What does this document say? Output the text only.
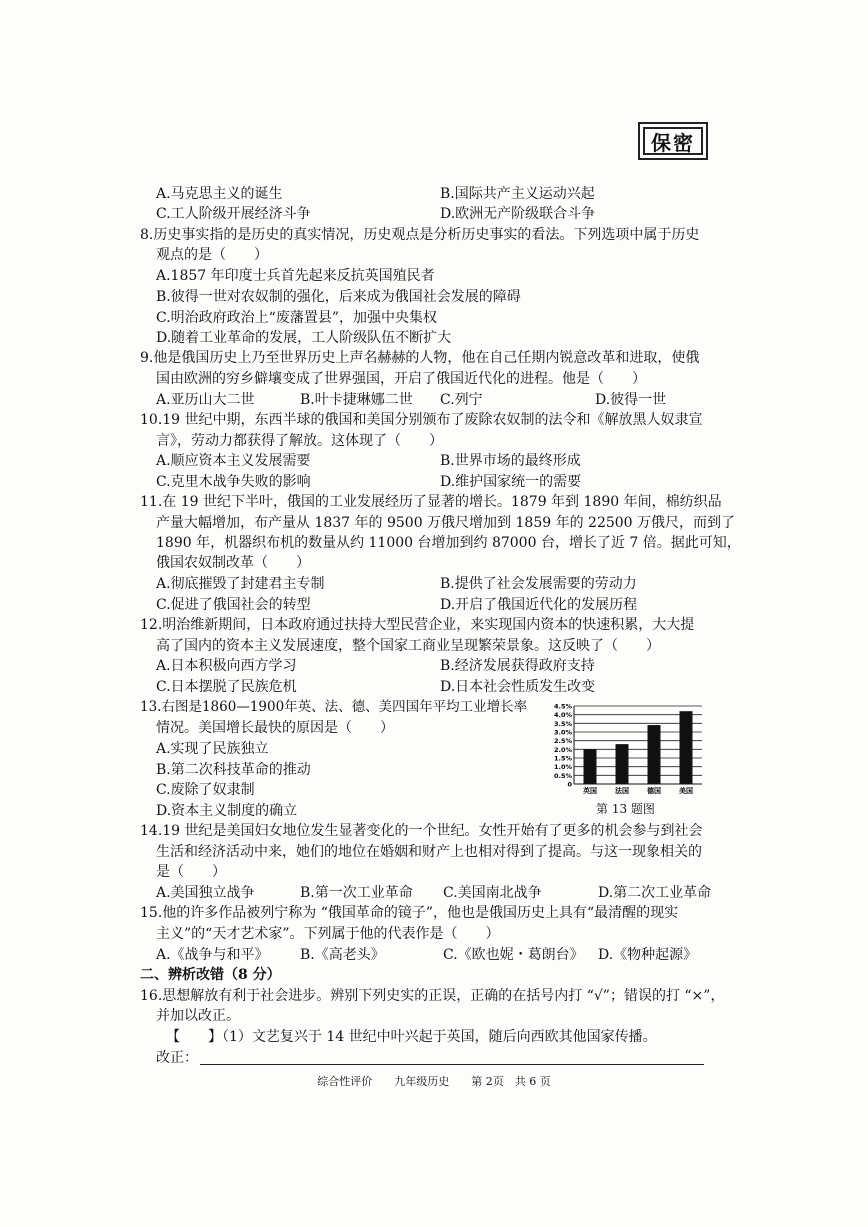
保密
A.马克思主义的诞生	B.国际共产主义运动兴起
C.工人阶级开展经济斗争	D.欧洲无产阶级联合斗争
8.历史事实指的是历史的真实情况，历史观点是分析历史事实的看法。下列选项中属于历史
观点的是（　　）
A.1857 年印度士兵首先起来反抗英国殖民者
B.彼得一世对农奴制的强化，后来成为俄国社会发展的障碍
C.明治政府政治上“废藩置县”，加强中央集权
D.随着工业革命的发展，工人阶级队伍不断扩大
9.他是俄国历史上乃至世界历史上声名赫赫的人物，他在自己任期内锐意改革和进取，使俄
国由欧洲的穷乡僻壤变成了世界强国，开启了俄国近代化的进程。他是（　　）
A.亚历山大二世	B.叶卡捷琳娜二世 C.列宁	D.彼得一世
10.19 世纪中期，东西半球的俄国和美国分别颁布了废除农奴制的法令和《解放黑人奴隶宣
言》，劳动力都获得了解放。这体现了（　　）
A.顺应资本主义发展需要	B.世界市场的最终形成
C.克里木战争失败的影响	D.维护国家统一的需要
11.在 19 世纪下半叶，俄国的工业发展经历了显著的增长。1879 年到 1890 年间，棉纺织品
产量大幅增加，布产量从 1837 年的 9500 万俄尺增加到 1859 年的 22500 万俄尺，而到了
1890 年，机器织布机的数量从约 11000 台增加到约 87000 台，增长了近 7 倍。据此可知，
俄国农奴制改革（　　）
A.彻底摧毁了封建君主专制	B.提供了社会发展需要的劳动力
C.促进了俄国社会的转型	D.开启了俄国近代化的发展历程
12.明治维新期间，日本政府通过扶持大型民营企业，来实现国内资本的快速积累，大大提
高了国内的资本主义发展速度，整个国家工商业呈现繁荣景象。这反映了（　　）
A.日本积极向西方学习	B.经济发展获得政府支持
C.日本摆脱了民族危机	D.日本社会性质发生改变
13.右图是1860—1900年英、法、德、美四国年平均工业增长率
情况。美国增长最快的原因是（　　）
A.实现了民族独立
B.第二次科技革命的推动
C.废除了奴隶制
D.资本主义制度的确立
0
0.5%
1.0%
1.5%
2.0%
2.5%
3.0%
3.5%
4.0%
4.5%
英国	法国	德国	美国
第 13 题图
14.19 世纪是美国妇女地位发生显著变化的一个世纪。女性开始有了更多的机会参与到社会
生活和经济活动中来，她们的地位在婚姻和财产上也相对得到了提高。与这一现象相关的
是（　　）
A.美国独立战争	B.第一次工业革命 C.美国南北战争	D.第二次工业革命
15.他的许多作品被列宁称为 “俄国革命的镜子”，他也是俄国历史上具有“最清醒的现实
主义”的“天才艺术家”。下列属于他的代表作是（　　）
A.《战争与和平》 B.《高老头》	C.《欧也妮・葛朗台》 D.《物种起源》
二、辨析改错（8 分）
16.思想解放有利于社会进步。辨别下列史实的正误，正确的在括号内打 “√”；错误的打 “×”，
并加以改正。
【　　】（1）文艺复兴于 14 世纪中叶兴起于英国，随后向西欧其他国家传播。
改正：
综合性评价　　九年级历史　　第 2页　共 6 页
